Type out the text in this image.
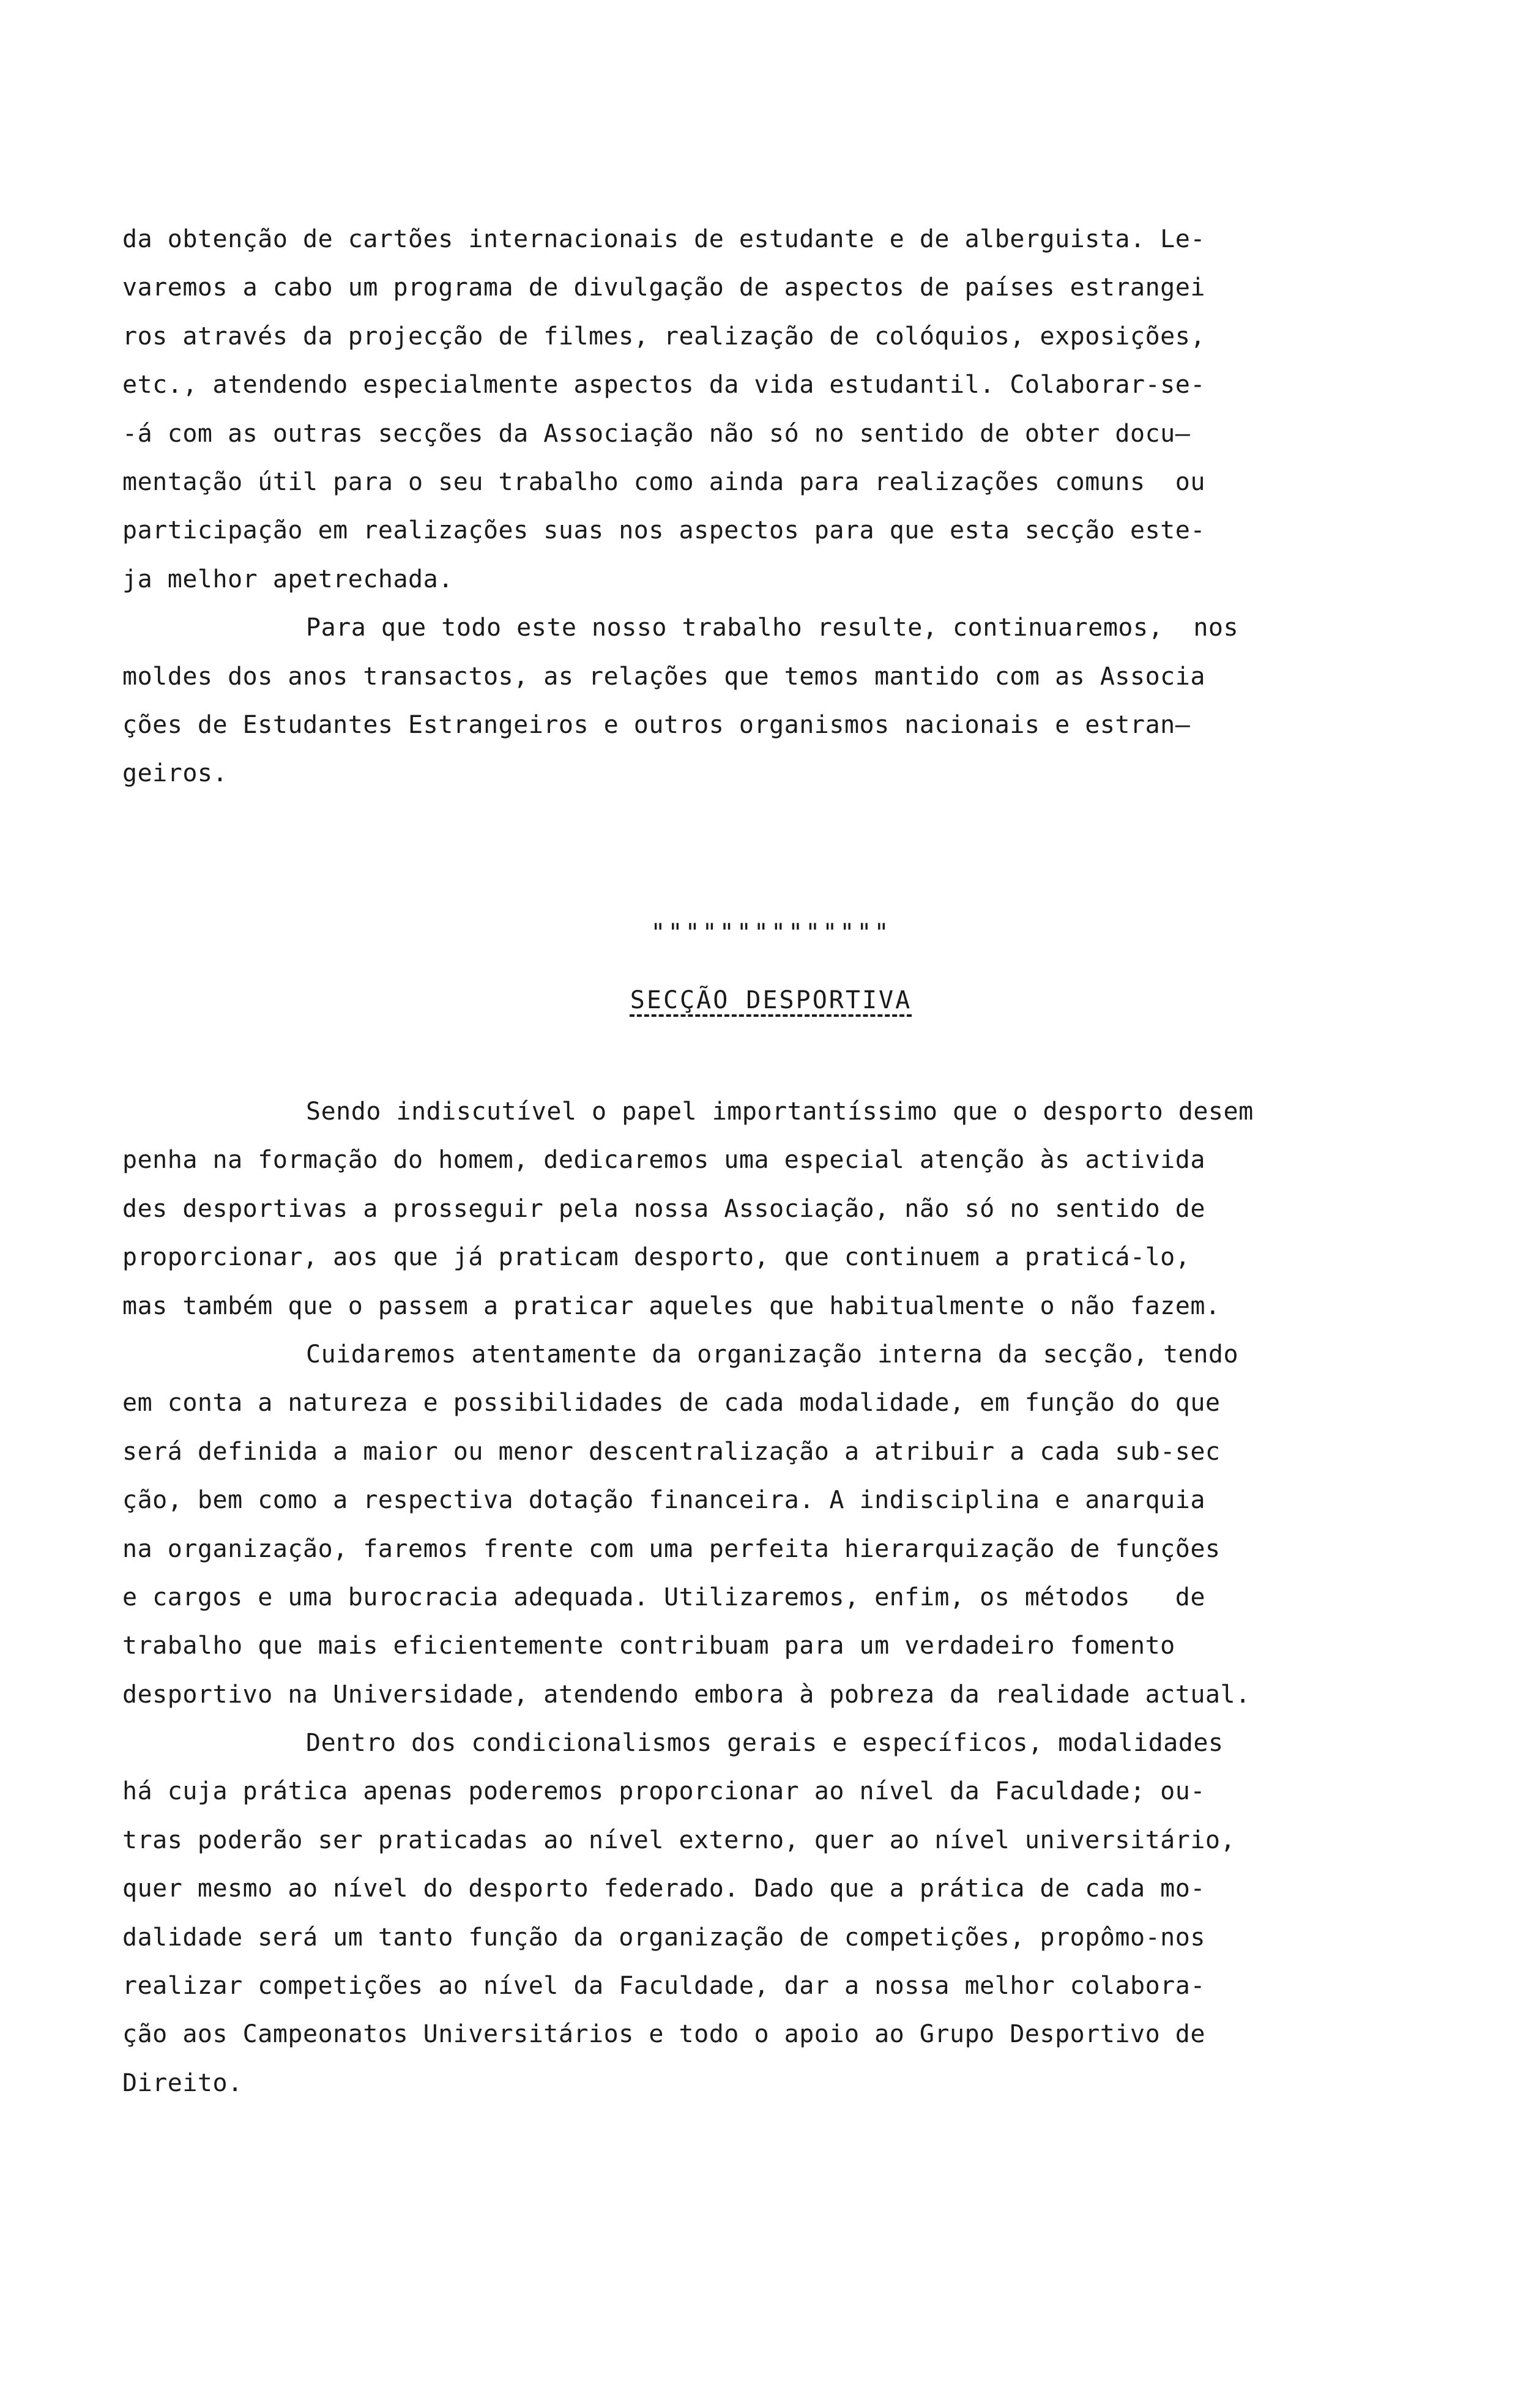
da obtenção de cartões internacionais de estudante e de alberguista. Le-
varemos a cabo um programa de divulgação de aspectos de países estrangei
ros através da projecção de filmes, realização de colóquios, exposições,
etc., atendendo especialmente aspectos da vida estudantil. Colaborar-se-
-á com as outras secções da Associação não só no sentido de obter docu—
mentação útil para o seu trabalho como ainda para realizações comuns  ou
participação em realizações suas nos aspectos para que esta secção este-
ja melhor apetrechada.
Para que todo este nosso trabalho resulte, continuaremos,  nos
moldes dos anos transactos, as relações que temos mantido com as Associa
ções de Estudantes Estrangeiros e outros organismos nacionais e estran—
geiros.
""""""""""""""
SECÇÃO DESPORTIVA
Sendo indiscutível o papel importantíssimo que o desporto desem
penha na formação do homem, dedicaremos uma especial atenção às activida
des desportivas a prosseguir pela nossa Associação, não só no sentido de
proporcionar, aos que já praticam desporto, que continuem a praticá-lo,
mas também que o passem a praticar aqueles que habitualmente o não fazem.
Cuidaremos atentamente da organização interna da secção, tendo
em conta a natureza e possibilidades de cada modalidade, em função do que
será definida a maior ou menor descentralização a atribuir a cada sub-sec
ção, bem como a respectiva dotação financeira. A indisciplina e anarquia
na organização, faremos frente com uma perfeita hierarquização de funções
e cargos e uma burocracia adequada. Utilizaremos, enfim, os métodos   de
trabalho que mais eficientemente contribuam para um verdadeiro fomento
desportivo na Universidade, atendendo embora à pobreza da realidade actual.
Dentro dos condicionalismos gerais e específicos, modalidades
há cuja prática apenas poderemos proporcionar ao nível da Faculdade; ou-
tras poderão ser praticadas ao nível externo, quer ao nível universitário,
quer mesmo ao nível do desporto federado. Dado que a prática de cada mo-
dalidade será um tanto função da organização de competições, propômo-nos
realizar competições ao nível da Faculdade, dar a nossa melhor colabora-
ção aos Campeonatos Universitários e todo o apoio ao Grupo Desportivo de
Direito.
